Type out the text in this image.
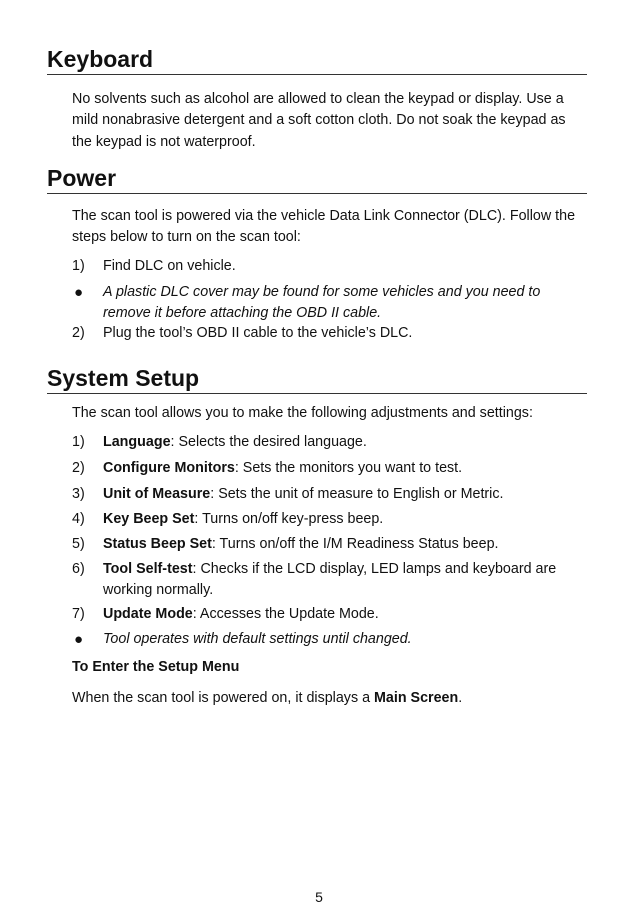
Keyboard

No solvents such as alcohol are allowed to clean the keypad or display. Use a mild nonabrasive detergent and a soft cotton cloth. Do not soak the keypad as the keypad is not waterproof.

Power

The scan tool is powered via the vehicle Data Link Connector (DLC). Follow the steps below to turn on the scan tool:

1) Find DLC on vehicle.
● A plastic DLC cover may be found for some vehicles and you need to remove it before attaching the OBD II cable.
2) Plug the tool’s OBD II cable to the vehicle’s DLC.
System Setup

The scan tool allows you to make the following adjustments and settings:

1) Language: Selects the desired language.
2) Configure Monitors: Sets the monitors you want to test.
3) Unit of Measure: Sets the unit of measure to English or Metric.
4) Key Beep Set: Turns on/off key-press beep.
5) Status Beep Set: Turns on/off the I/M Readiness Status beep.
6) Tool Self-test: Checks if the LCD display, LED lamps and keyboard are working normally.
7) Update Mode: Accesses the Update Mode.
● Tool operates with default settings until changed.
To Enter the Setup Menu

When the scan tool is powered on, it displays a Main Screen.

5
